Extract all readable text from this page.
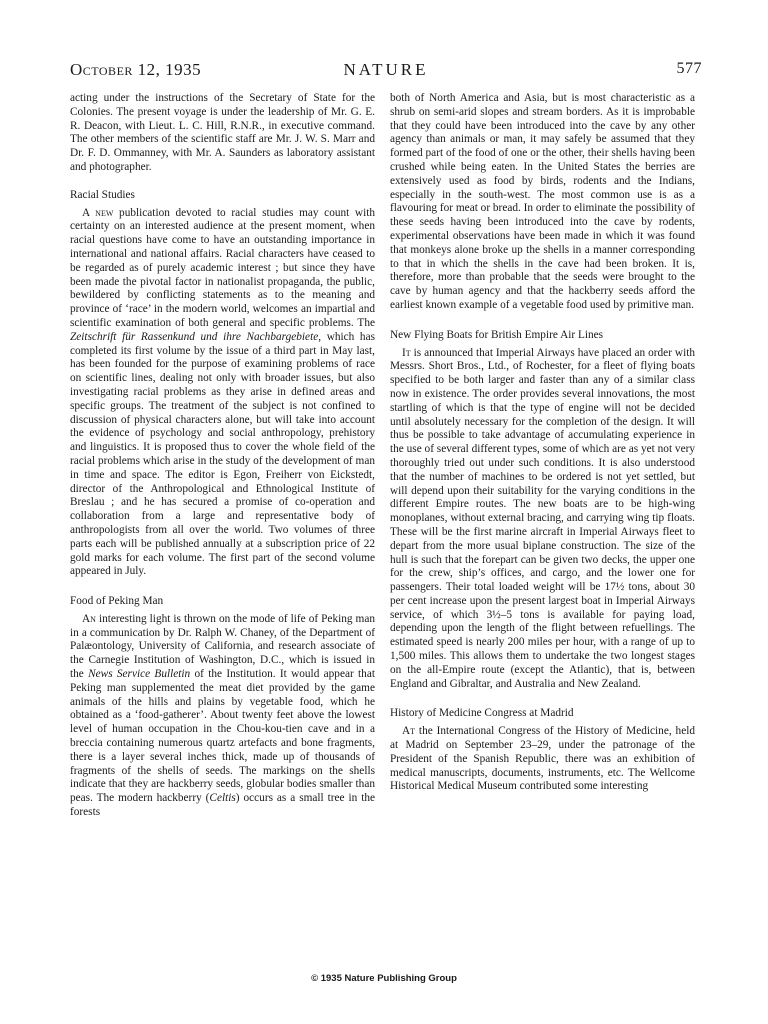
October 12, 1935	NATURE	577

acting under the instructions of the Secretary of State for the Colonies. The present voyage is under the leadership of Mr. G. E. R. Deacon, with Lieut. L. C. Hill, R.N.R., in executive command. The other members of the scientific staff are Mr. J. W. S. Marr and Dr. F. D. Ommanney, with Mr. A. Saunders as laboratory assistant and photographer.

Racial Studies

A new publication devoted to racial studies may count with certainty on an interested audience at the present moment, when racial questions have come to have an outstanding importance in international and national affairs. Racial characters have ceased to be regarded as of purely academic interest ; but since they have been made the pivotal factor in nationalist propaganda, the public, bewildered by conflicting statements as to the meaning and province of ‘race’ in the modern world, welcomes an impartial and scientific examination of both general and specific problems. The Zeitschrift für Rassenkund und ihre Nachbargebiete, which has completed its first volume by the issue of a third part in May last, has been founded for the purpose of examining problems of race on scientific lines, dealing not only with broader issues, but also investigating racial problems as they arise in defined areas and specific groups. The treatment of the subject is not confined to discussion of physical characters alone, but will take into account the evidence of psychology and social anthropology, prehistory and linguistics. It is proposed thus to cover the whole field of the racial problems which arise in the study of the development of man in time and space. The editor is Egon, Freiherr von Eickstedt, director of the Anthropological and Ethnological Institute of Breslau ; and he has secured a promise of co-operation and collaboration from a large and representative body of anthropologists from all over the world. Two volumes of three parts each will be published annually at a subscription price of 22 gold marks for each volume. The first part of the second volume appeared in July.

Food of Peking Man

An interesting light is thrown on the mode of life of Peking man in a communication by Dr. Ralph W. Chaney, of the Department of Palæontology, University of California, and research associate of the Carnegie Institution of Washington, D.C., which is issued in the News Service Bulletin of the Institution. It would appear that Peking man supplemented the meat diet provided by the game animals of the hills and plains by vegetable food, which he obtained as a ‘food-gatherer’. About twenty feet above the lowest level of human occupation in the Chou-kou-tien cave and in a breccia containing numerous quartz artefacts and bone fragments, there is a layer several inches thick, made up of thousands of fragments of the shells of seeds. The markings on the shells indicate that they are hackberry seeds, globular bodies smaller than peas. The modern hackberry (Celtis) occurs as a small tree in the forests

both of North America and Asia, but is most characteristic as a shrub on semi-arid slopes and stream borders. As it is improbable that they could have been introduced into the cave by any other agency than animals or man, it may safely be assumed that they formed part of the food of one or the other, their shells having been crushed while being eaten. In the United States the berries are extensively used as food by birds, rodents and the Indians, especially in the south-west. The most common use is as a flavouring for meat or bread. In order to eliminate the possibility of these seeds having been introduced into the cave by rodents, experimental observations have been made in which it was found that monkeys alone broke up the shells in a manner corresponding to that in which the shells in the cave had been broken. It is, therefore, more than probable that the seeds were brought to the cave by human agency and that the hackberry seeds afford the earliest known example of a vegetable food used by primitive man.

New Flying Boats for British Empire Air Lines

It is announced that Imperial Airways have placed an order with Messrs. Short Bros., Ltd., of Rochester, for a fleet of flying boats specified to be both larger and faster than any of a similar class now in existence. The order provides several innovations, the most startling of which is that the type of engine will not be decided until absolutely necessary for the completion of the design. It will thus be possible to take advantage of accumulating experience in the use of several different types, some of which are as yet not very thoroughly tried out under such conditions. It is also understood that the number of machines to be ordered is not yet settled, but will depend upon their suitability for the varying conditions in the different Empire routes. The new boats are to be high-wing monoplanes, without external bracing, and carrying wing tip floats. These will be the first marine aircraft in Imperial Airways fleet to depart from the more usual biplane construction. The size of the hull is such that the forepart can be given two decks, the upper one for the crew, ship’s offices, and cargo, and the lower one for passengers. Their total loaded weight will be 17½ tons, about 30 per cent increase upon the present largest boat in Imperial Airways service, of which 3½–5 tons is available for paying load, depending upon the length of the flight between refuellings. The estimated speed is nearly 200 miles per hour, with a range of up to 1,500 miles. This allows them to undertake the two longest stages on the all-Empire route (except the Atlantic), that is, between England and Gibraltar, and Australia and New Zealand.

History of Medicine Congress at Madrid

At the International Congress of the History of Medicine, held at Madrid on September 23–29, under the patronage of the President of the Spanish Republic, there was an exhibition of medical manuscripts, documents, instruments, etc. The Wellcome Historical Medical Museum contributed some interesting

© 1935 Nature Publishing Group
